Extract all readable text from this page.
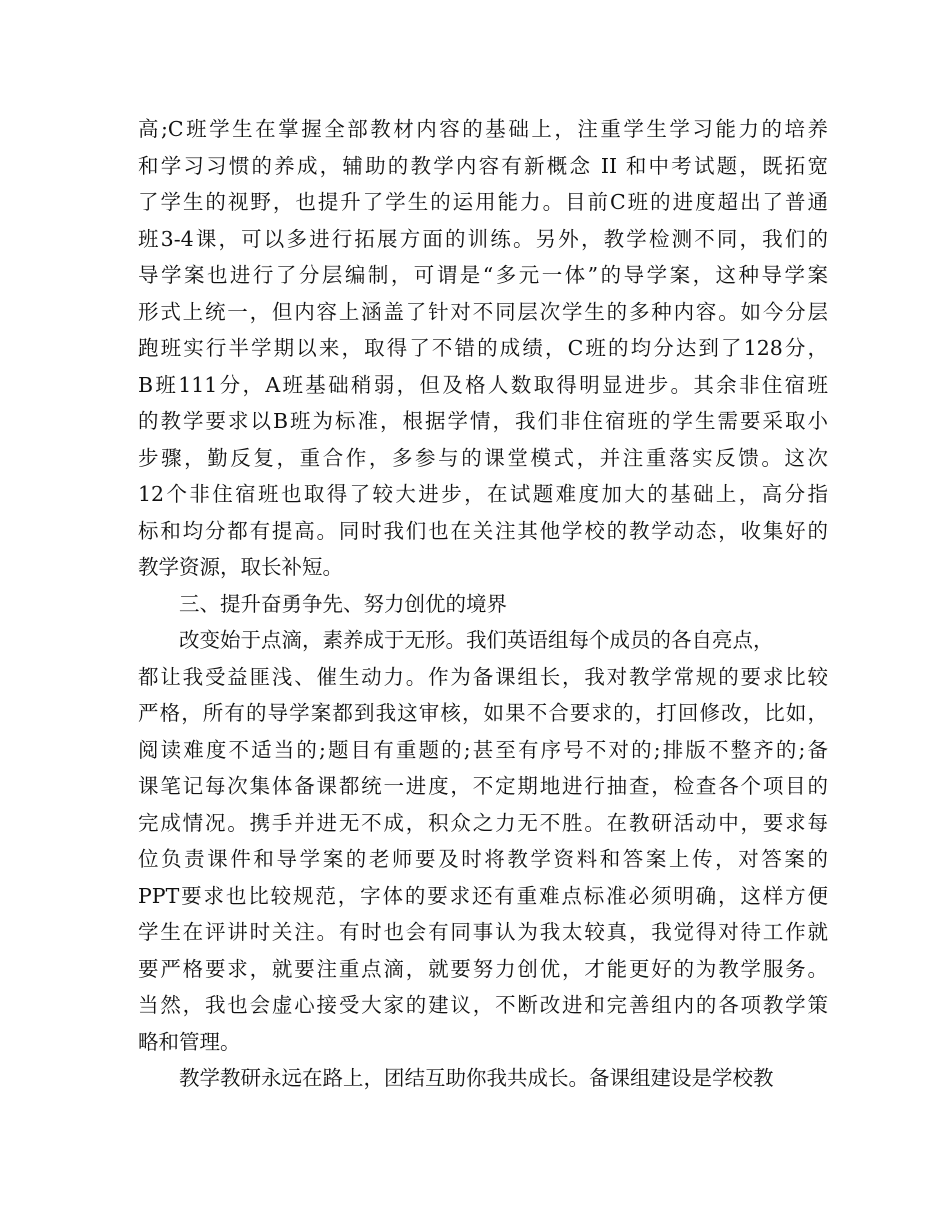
高;C班学生在掌握全部教材内容的基础上，注重学生学习能力的培养
和学习习惯的养成，辅助的教学内容有新概念 II 和中考试题，既拓宽
了学生的视野，也提升了学生的运用能力。目前C班的进度超出了普通
班3-4课，可以多进行拓展方面的训练。另外，教学检测不同，我们的
导学案也进行了分层编制，可谓是“多元一体”的导学案，这种导学案
形式上统一，但内容上涵盖了针对不同层次学生的多种内容。如今分层
跑班实行半学期以来，取得了不错的成绩，C班的均分达到了128分，
B班111分，A班基础稍弱，但及格人数取得明显进步。其余非住宿班
的教学要求以B班为标准，根据学情，我们非住宿班的学生需要采取小
步骤，勤反复，重合作，多参与的课堂模式，并注重落实反馈。这次
12个非住宿班也取得了较大进步，在试题难度加大的基础上，高分指
标和均分都有提高。同时我们也在关注其他学校的教学动态，收集好的
教学资源，取长补短。
三、提升奋勇争先、努力创优的境界
改变始于点滴，素养成于无形。我们英语组每个成员的各自亮点，
都让我受益匪浅、催生动力。作为备课组长，我对教学常规的要求比较
严格，所有的导学案都到我这审核，如果不合要求的，打回修改，比如，
阅读难度不适当的;题目有重题的;甚至有序号不对的;排版不整齐的;备
课笔记每次集体备课都统一进度，不定期地进行抽查，检查各个项目的
完成情况。携手并进无不成，积众之力无不胜。在教研活动中，要求每
位负责课件和导学案的老师要及时将教学资料和答案上传，对答案的
PPT要求也比较规范，字体的要求还有重难点标准必须明确，这样方便
学生在评讲时关注。有时也会有同事认为我太较真，我觉得对待工作就
要严格要求，就要注重点滴，就要努力创优，才能更好的为教学服务。
当然，我也会虚心接受大家的建议，不断改进和完善组内的各项教学策
略和管理。
教学教研永远在路上，团结互助你我共成长。备课组建设是学校教
